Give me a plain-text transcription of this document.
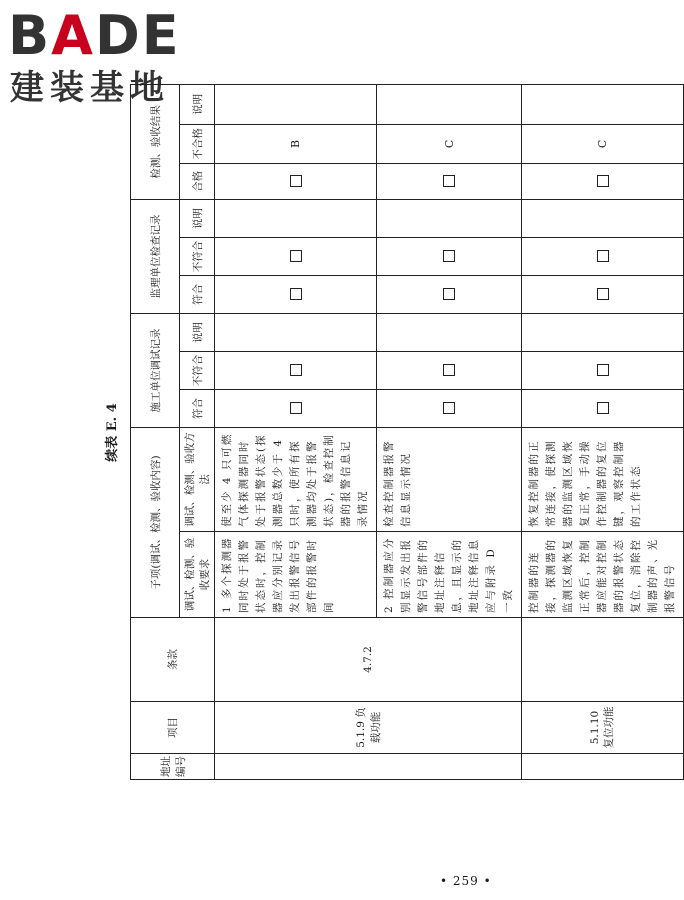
BADE
建装基地
续表 E. 4
地址编号	项目	条款	子项(调试、检测、验收内容)		施工单位调试记录			监理单位检查记录			检测、验收结果		
			调试、检测、验收要求	调试、检测、验收方法	符合	不符合	说明	符合	不符合	说明	合格	不合格	说明
	5.1.9 负载功能	4.7.2	1 多个探测器同时处于报警状态时，控制器应分别记录发出报警信号部件的报警时间	使至少 4 只可燃气体探测器同时处于报警状态(探测器总数少于 4 只时，使所有探测器均处于报警状态)，检查控制器的报警信息记录情况								B	
			2 控制器应分别显示发出报警信号部件的地址注释信息，且显示的地址注释信息应与附录 D 一致	检查控制器报警信息显示情况								C	
	5.1.10 复位功能		控制器的连接，探测器的监测区域恢复正常后，控制器应能对控制器的报警状态复位，消除控制器的声、光报警信号	恢复控制器的正常连接，使探测器的监测区域恢复正常，手动操作控制器的复位键，观察控制器的工作状态								C	
• 259 •
